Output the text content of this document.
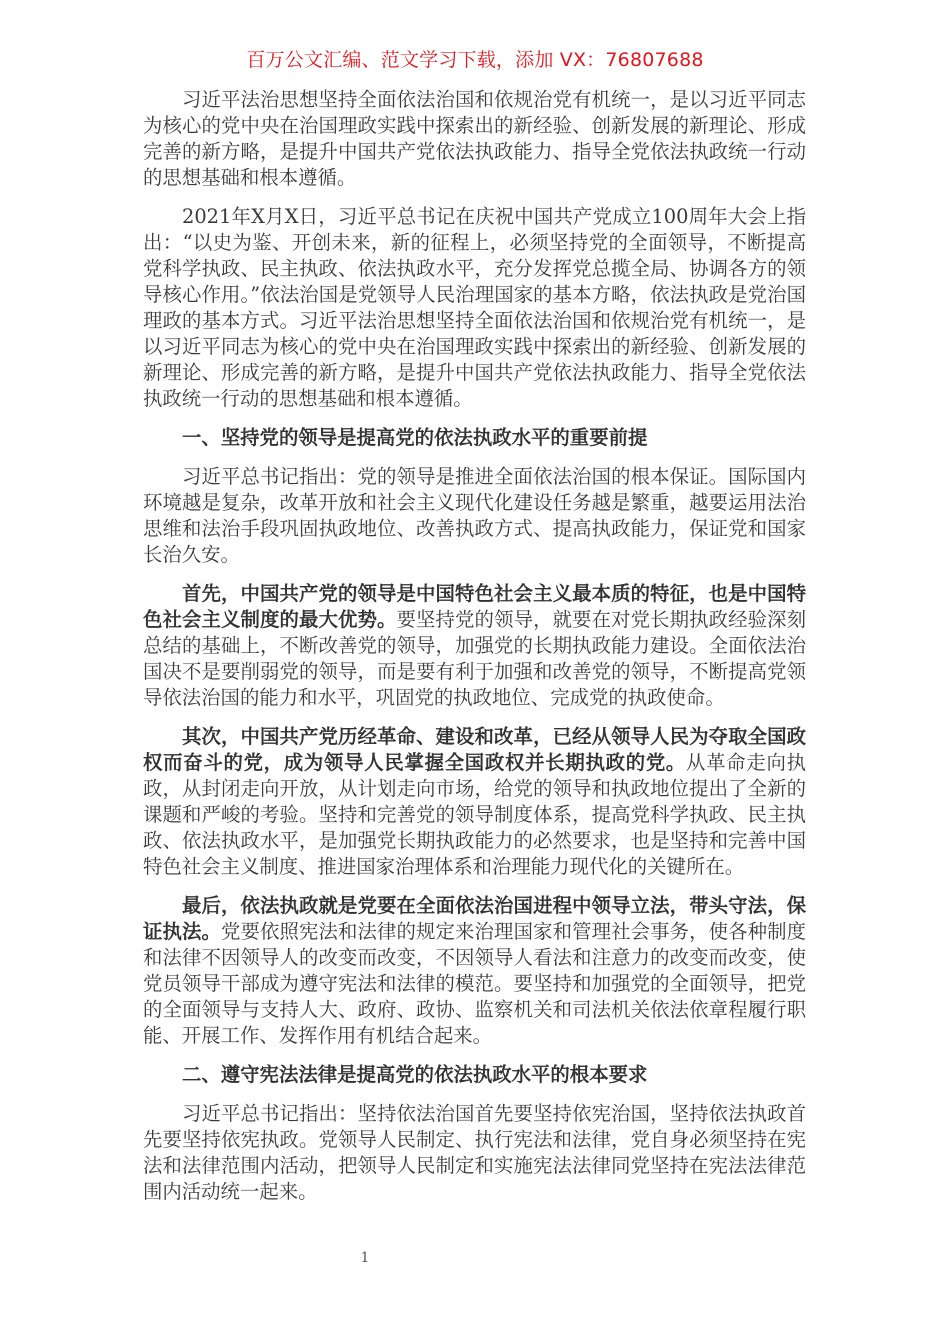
百万公文汇编、范文学习下载，添加 VX：76807688

习近平法治思想坚持全面依法治国和依规治党有机统一，是以习近平同志为核心的党中央在治国理政实践中探索出的新经验、创新发展的新理论、形成完善的新方略，是提升中国共产党依法执政能力、指导全党依法执政统一行动的思想基础和根本遵循。

2021年X月X日，习近平总书记在庆祝中国共产党成立100周年大会上指出：“以史为鉴、开创未来，新的征程上，必须坚持党的全面领导，不断提高党科学执政、民主执政、依法执政水平，充分发挥党总揽全局、协调各方的领导核心作用。”依法治国是党领导人民治理国家的基本方略，依法执政是党治国理政的基本方式。习近平法治思想坚持全面依法治国和依规治党有机统一，是以习近平同志为核心的党中央在治国理政实践中探索出的新经验、创新发展的新理论、形成完善的新方略，是提升中国共产党依法执政能力、指导全党依法执政统一行动的思想基础和根本遵循。

一、坚持党的领导是提高党的依法执政水平的重要前提

习近平总书记指出：党的领导是推进全面依法治国的根本保证。国际国内环境越是复杂，改革开放和社会主义现代化建设任务越是繁重，越要运用法治思维和法治手段巩固执政地位、改善执政方式、提高执政能力，保证党和国家长治久安。

首先，中国共产党的领导是中国特色社会主义最本质的特征，也是中国特色社会主义制度的最大优势。要坚持党的领导，就要在对党长期执政经验深刻总结的基础上，不断改善党的领导，加强党的长期执政能力建设。全面依法治国决不是要削弱党的领导，而是要有利于加强和改善党的领导，不断提高党领导依法治国的能力和水平，巩固党的执政地位、完成党的执政使命。

其次，中国共产党历经革命、建设和改革，已经从领导人民为夺取全国政权而奋斗的党，成为领导人民掌握全国政权并长期执政的党。从革命走向执政，从封闭走向开放，从计划走向市场，给党的领导和执政地位提出了全新的课题和严峻的考验。坚持和完善党的领导制度体系，提高党科学执政、民主执政、依法执政水平，是加强党长期执政能力的必然要求，也是坚持和完善中国特色社会主义制度、推进国家治理体系和治理能力现代化的关键所在。

最后，依法执政就是党要在全面依法治国进程中领导立法，带头守法，保证执法。党要依照宪法和法律的规定来治理国家和管理社会事务，使各种制度和法律不因领导人的改变而改变，不因领导人看法和注意力的改变而改变，使党员领导干部成为遵守宪法和法律的模范。要坚持和加强党的全面领导，把党的全面领导与支持人大、政府、政协、监察机关和司法机关依法依章程履行职能、开展工作、发挥作用有机结合起来。

二、遵守宪法法律是提高党的依法执政水平的根本要求

习近平总书记指出：坚持依法治国首先要坚持依宪治国，坚持依法执政首先要坚持依宪执政。党领导人民制定、执行宪法和法律，党自身必须坚持在宪法和法律范围内活动，把领导人民制定和实施宪法法律同党坚持在宪法法律范围内活动统一起来。

1
